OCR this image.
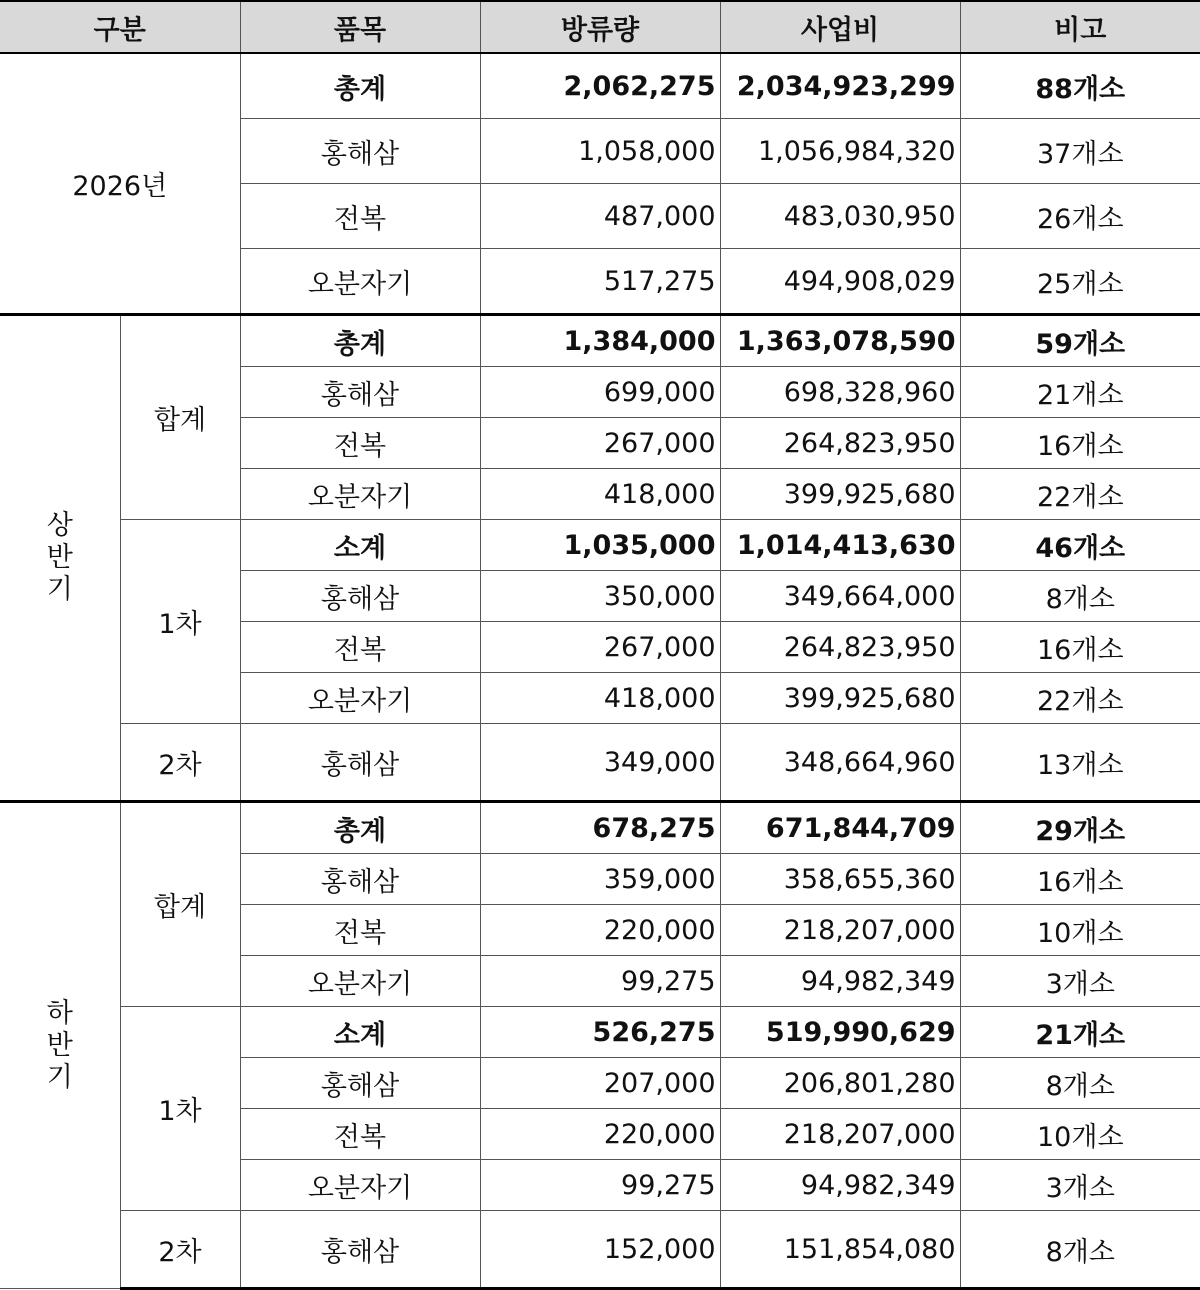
구분		품목	방류량	사업비	비고
2026년		총계	2,062,275	2,034,923,299	88개소
		홍해삼	1,058,000	1,056,984,320	37개소
		전복	487,000	483,030,950	26개소
		오분자기	517,275	494,908,029	25개소

상
반
기	합계	총계	1,384,000	1,363,078,590	59개소
		홍해삼	699,000	698,328,960	21개소
		전복	267,000	264,823,950	16개소
		오분자기	418,000	399,925,680	22개소
	1차	소계	1,035,000	1,014,413,630	46개소
		홍해삼	350,000	349,664,000	8개소
		전복	267,000	264,823,950	16개소
		오분자기	418,000	399,925,680	22개소
	2차	홍해삼	349,000	348,664,960	13개소

하
반
기	합계	총계	678,275	671,844,709	29개소
		홍해삼	359,000	358,655,360	16개소
		전복	220,000	218,207,000	10개소
		오분자기	99,275	94,982,349	3개소
	1차	소계	526,275	519,990,629	21개소
		홍해삼	207,000	206,801,280	8개소
		전복	220,000	218,207,000	10개소
		오분자기	99,275	94,982,349	3개소
	2차	홍해삼	152,000	151,854,080	8개소
